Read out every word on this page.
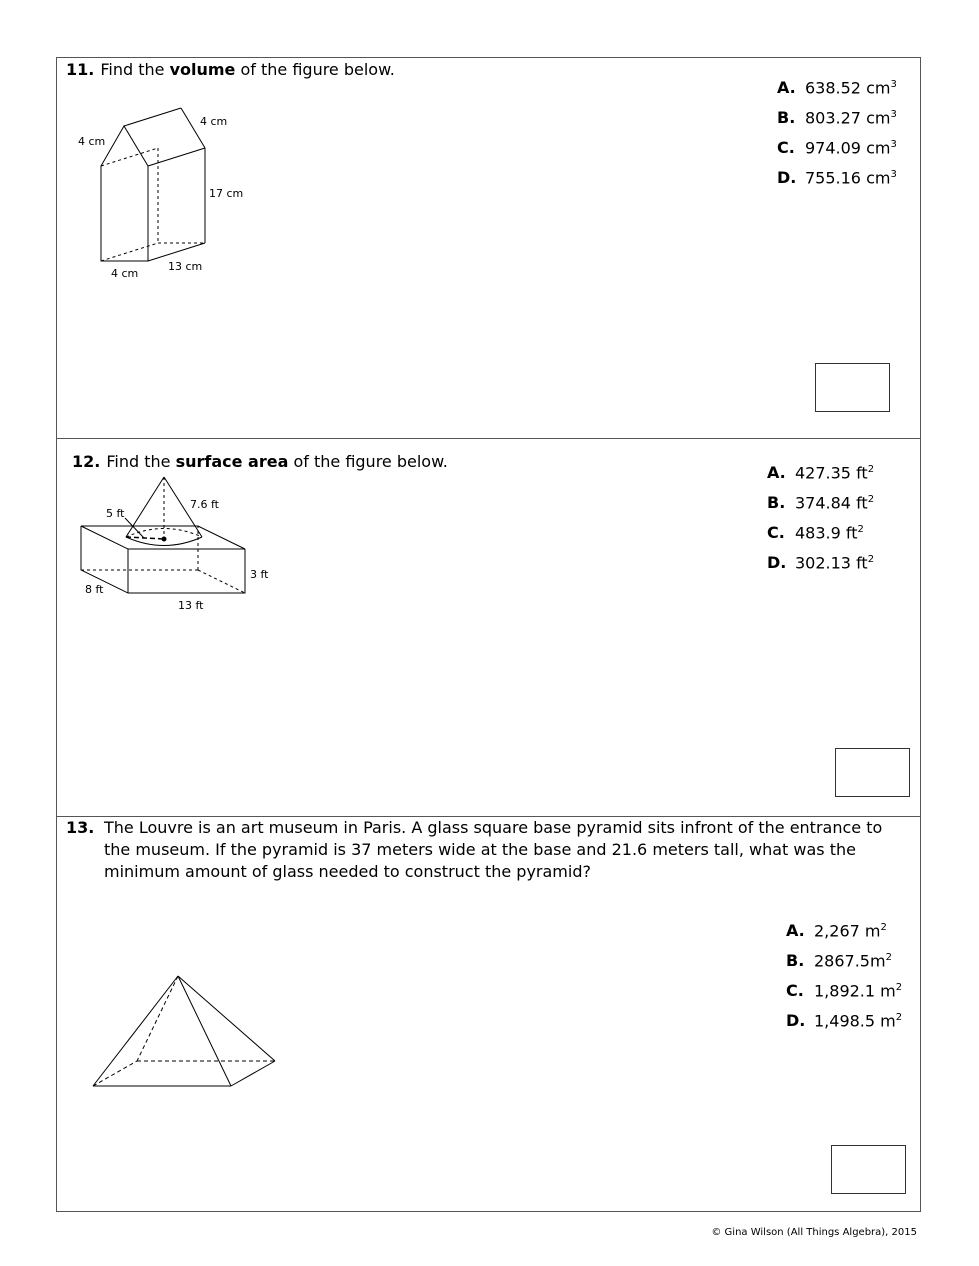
11. Find the volume of the figure below.
4 cm
4 cm
17 cm
4 cm
13 cm
A. 638.52 $cm^3$
B. 803.27 $cm^3$
C. 974.09 $cm^3$
D. 755.16 $cm^3$
12. Find the surface area of the figure below.
5 ft
7.6 ft
3 ft
8 ft
13 ft
A. 427.35 $ft^2$
B. 374.84 $ft^2$
C. 483.9 $ft^2$
D. 302.13 $ft^2$
13. The Louvre is an art museum in Paris. A glass square base pyramid sits infront of the entrance to the museum. If the pyramid is 37 meters wide at the base and 21.6 meters tall, what was the minimum amount of glass needed to construct the pyramid?
A. 2,267 $m^2$
B. $2867.5m^2$
C. 1,892.1 $m^2$
D. 1,498.5 $m^2$
© Gina Wilson (All Things Algebra), 2015
